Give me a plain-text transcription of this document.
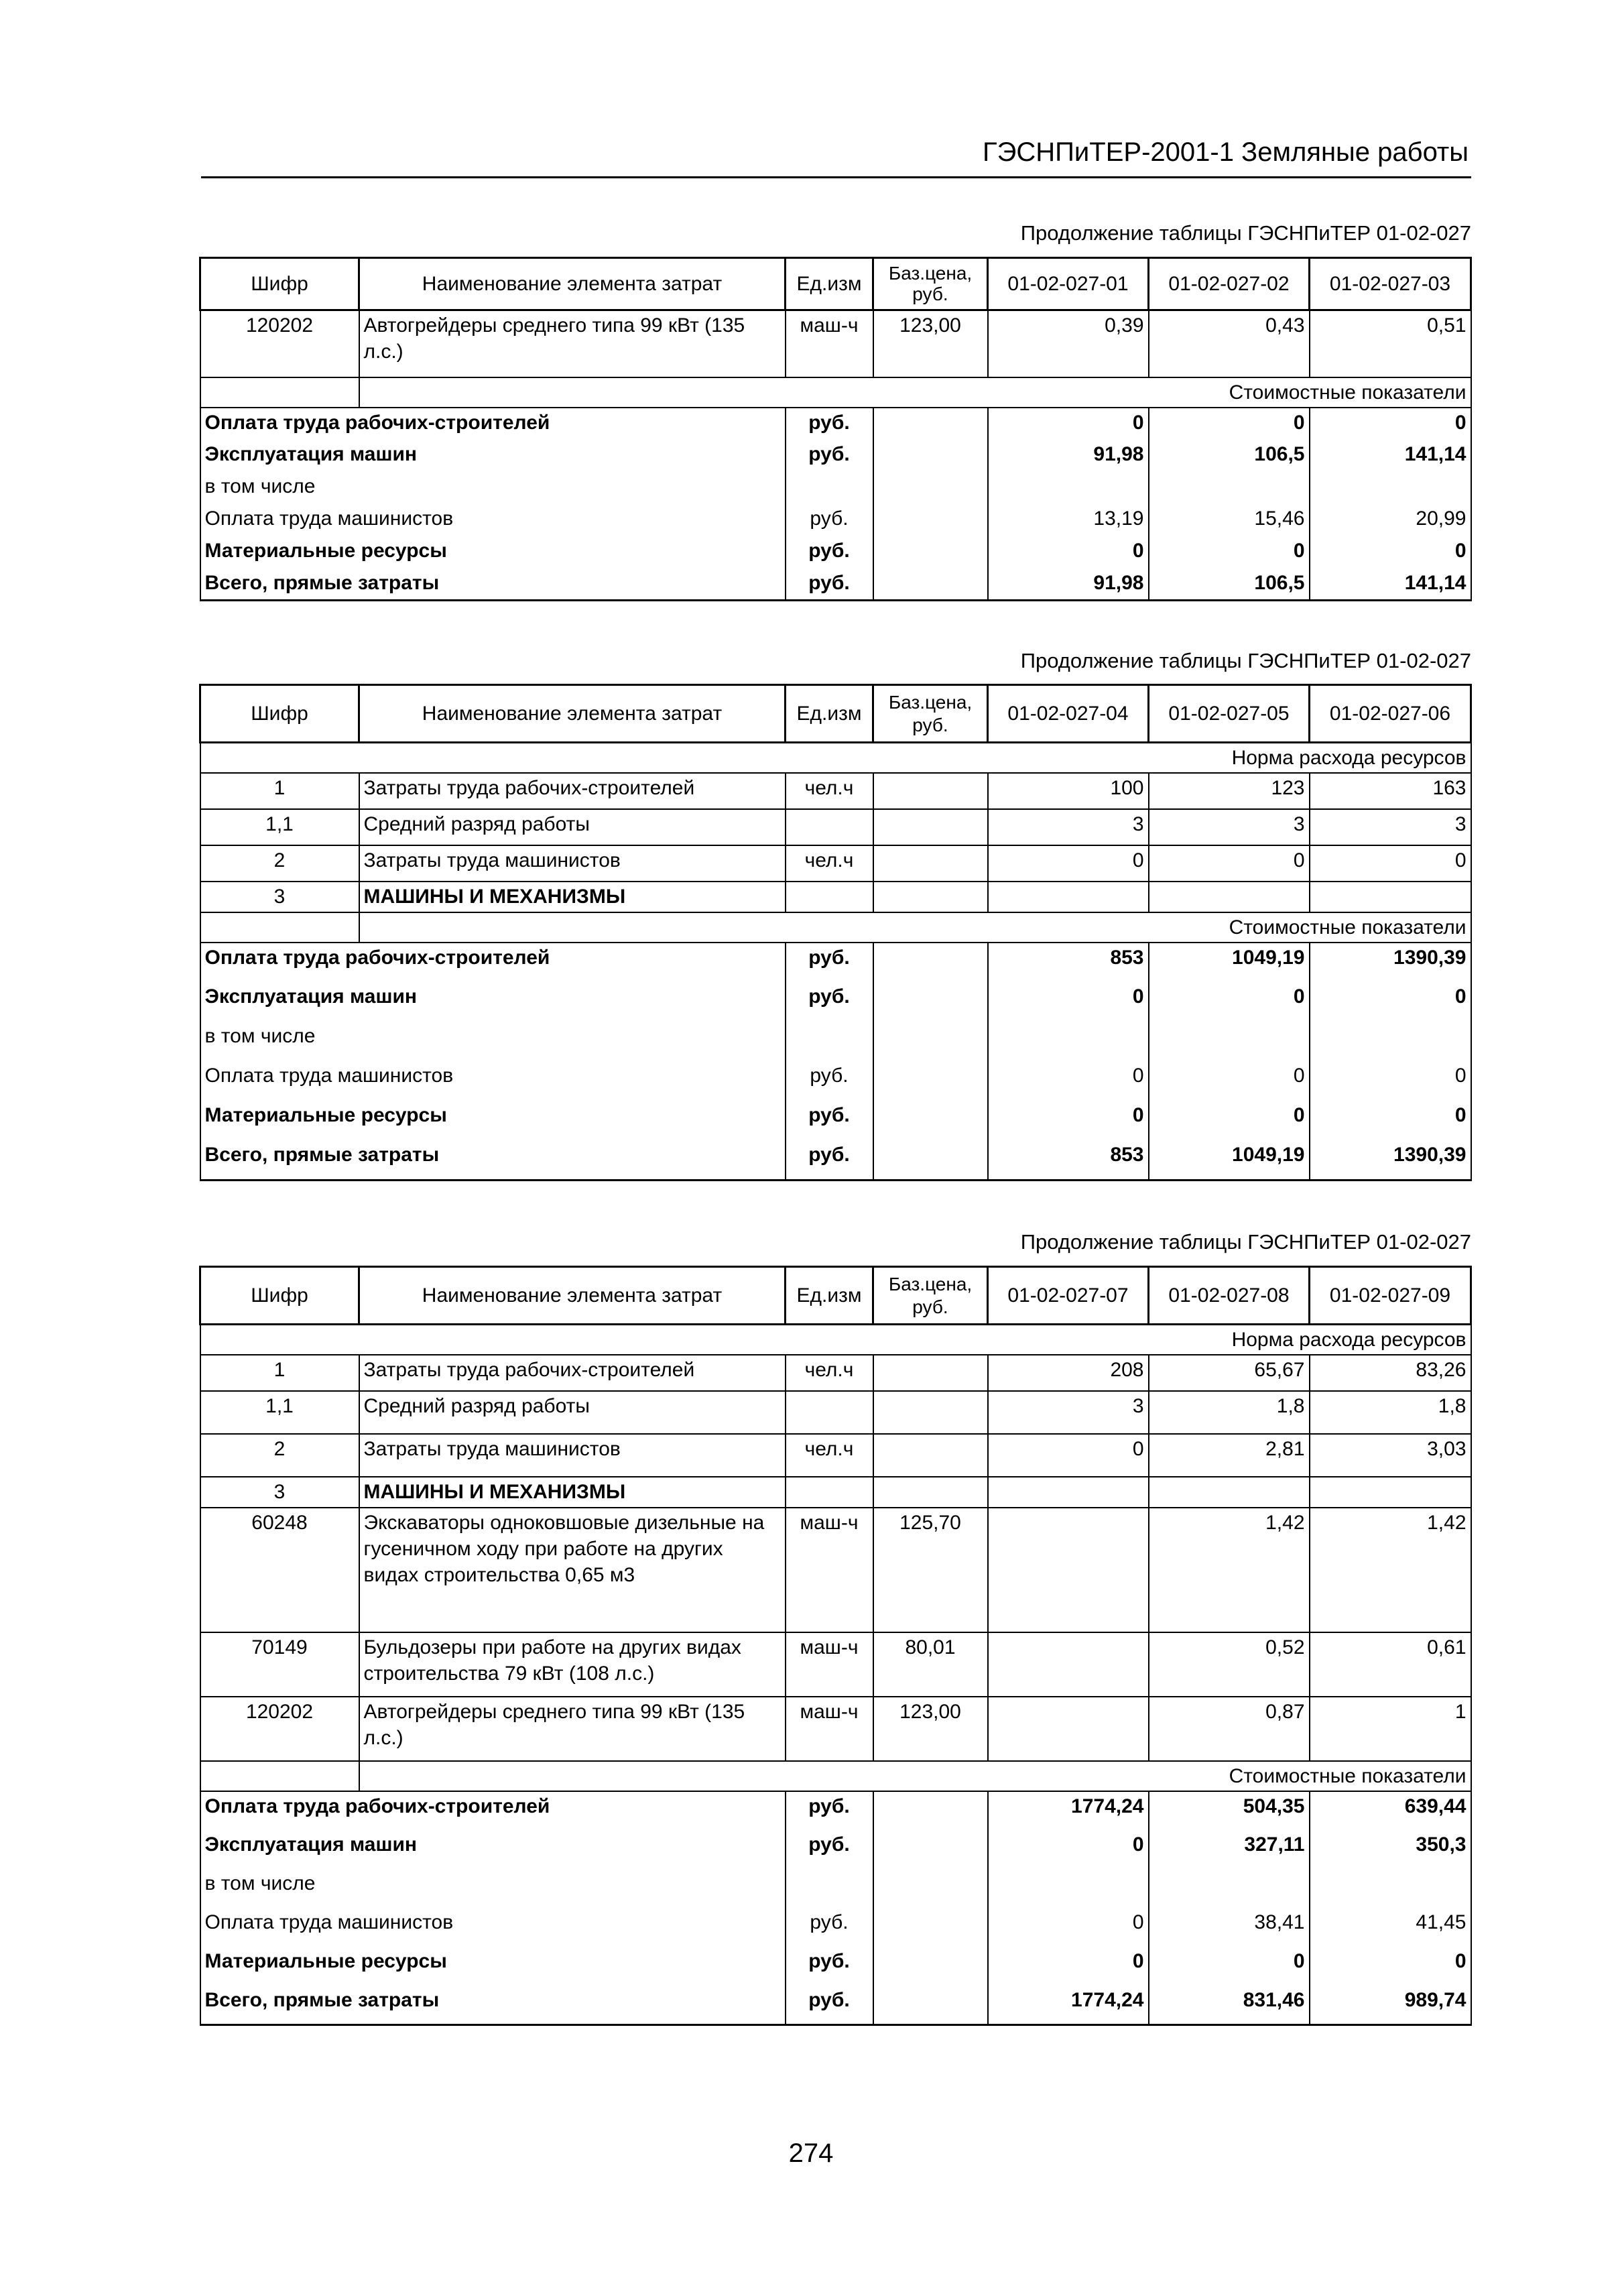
ГЭСНПиТЕР-2001-1 Земляные работы
Продолжение таблицы ГЭСНПиТЕР 01-02-027
Шифр	Наименование элемента затрат	Ед.изм	Баз.цена, руб.	01-02-027-01	01-02-027-02	01-02-027-03
120202	Автогрейдеры среднего типа 99 кВт (135 л.с.)	маш-ч	123,00	0,39	0,43	0,51
	Стоимостные показатели					
Оплата труда рабочих-строителей		руб.		0	0	0
Эксплуатация машин		руб.		91,98	106,5	141,14
в том числе						
Оплата труда машинистов		руб.		13,19	15,46	20,99
Материальные ресурсы		руб.		0	0	0
Всего, прямые затраты		руб.		91,98	106,5	141,14
Продолжение таблицы ГЭСНПиТЕР 01-02-027
Шифр	Наименование элемента затрат	Ед.изм	Баз.цена, руб.	01-02-027-04	01-02-027-05	01-02-027-06
Норма расхода ресурсов						
1	Затраты труда рабочих-строителей	чел.ч		100	123	163
1,1	Средний разряд работы			3	3	3
2	Затраты труда машинистов	чел.ч		0	0	0
3	МАШИНЫ И МЕХАНИЗМЫ					
	Стоимостные показатели					
Оплата труда рабочих-строителей		руб.		853	1049,19	1390,39
Эксплуатация машин		руб.		0	0	0
в том числе						
Оплата труда машинистов		руб.		0	0	0
Материальные ресурсы		руб.		0	0	0
Всего, прямые затраты		руб.		853	1049,19	1390,39
Продолжение таблицы ГЭСНПиТЕР 01-02-027
Шифр	Наименование элемента затрат	Ед.изм	Баз.цена, руб.	01-02-027-07	01-02-027-08	01-02-027-09
Норма расхода ресурсов						
1	Затраты труда рабочих-строителей	чел.ч		208	65,67	83,26
1,1	Средний разряд работы			3	1,8	1,8
2	Затраты труда машинистов	чел.ч		0	2,81	3,03
3	МАШИНЫ И МЕХАНИЗМЫ					
60248	Экскаваторы одноковшовые дизельные на гусеничном ходу при работе на других видах строительства 0,65 м3	маш-ч	125,70		1,42	1,42
70149	Бульдозеры при работе на других видах строительства 79 кВт (108 л.с.)	маш-ч	80,01		0,52	0,61
120202	Автогрейдеры среднего типа 99 кВт (135 л.с.)	маш-ч	123,00		0,87	1
	Стоимостные показатели					
Оплата труда рабочих-строителей		руб.		1774,24	504,35	639,44
Эксплуатация машин		руб.		0	327,11	350,3
в том числе						
Оплата труда машинистов		руб.		0	38,41	41,45
Материальные ресурсы		руб.		0	0	0
Всего, прямые затраты		руб.		1774,24	831,46	989,74
274
